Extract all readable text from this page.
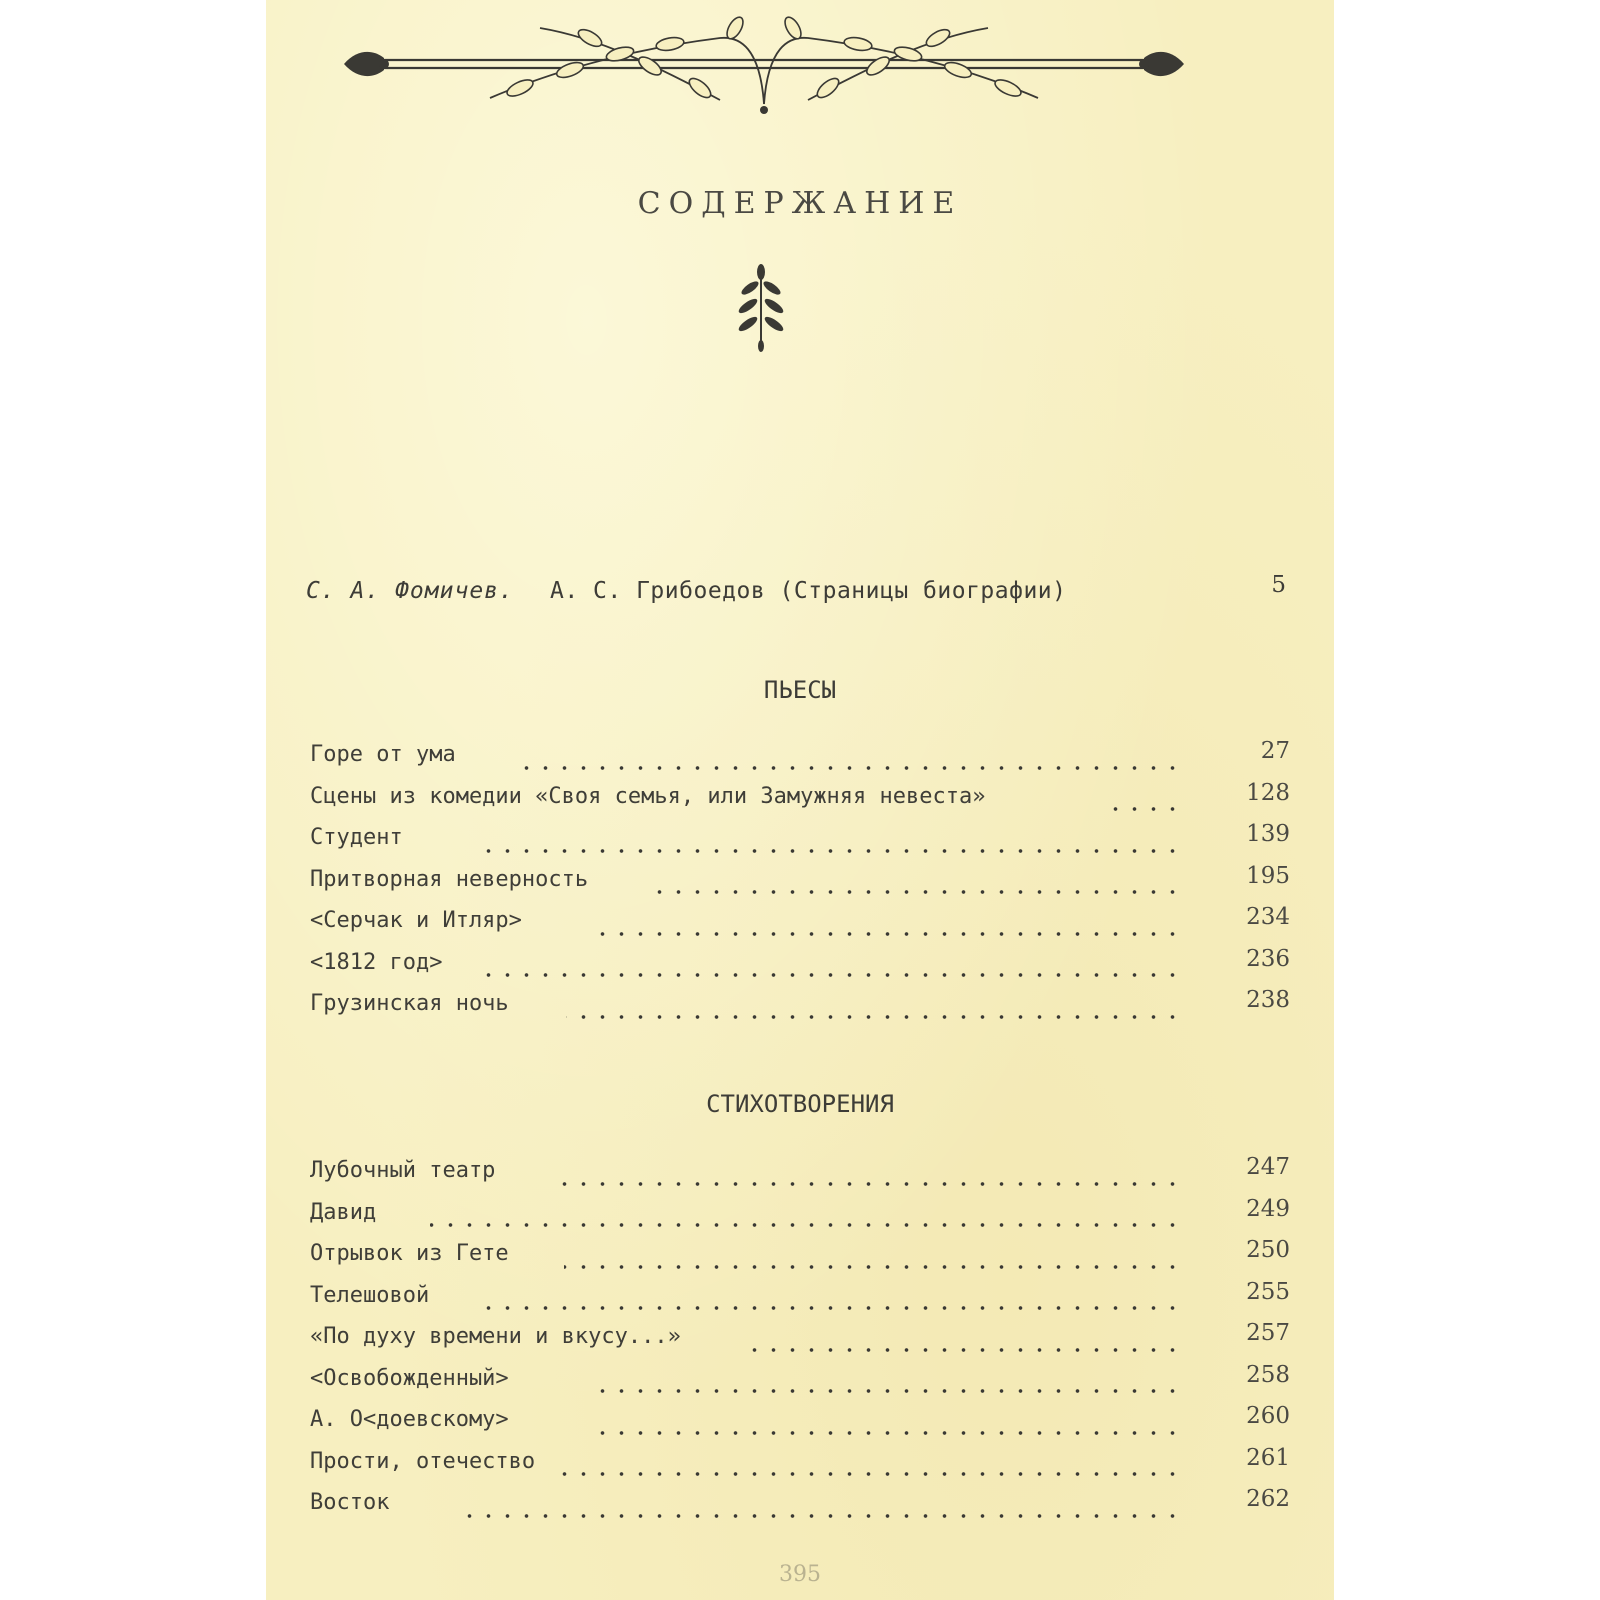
СОДЕРЖАНИЕ
С. А. Фомичев. А. С. Грибоедов (Страницы биографии)	5
ПЬЕСЫ
Горе от ума	27
Сцены из комедии «Своя семья, или Замужняя невеста»	128
Студент	139
Притворная неверность	195
<Серчак и Итляр>	234
<1812 год>	236
Грузинская ночь	238
СТИХОТВОРЕНИЯ
Лубочный театр	247
Давид	249
Отрывок из Гете	250
Телешовой	255
«По духу времени и вкусу...»	257
<Освобожденный>	258
А. О<доевскому>	260
Прости, отечество	261
Восток	262
395
